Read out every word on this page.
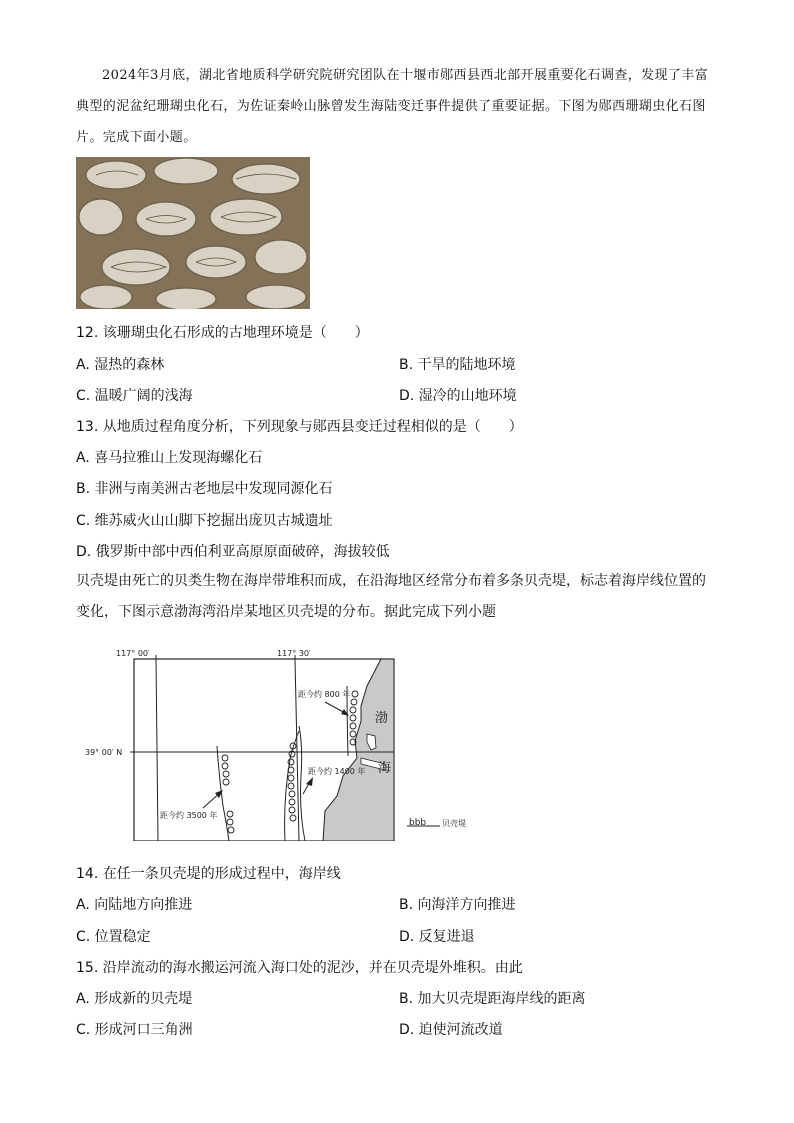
2024年3月底，湖北省地质科学研究院研究团队在十堰市郧西县西北部开展重要化石调查，发现了丰富典型的泥盆纪珊瑚虫化石，为佐证秦岭山脉曾发生海陆变迁事件提供了重要证据。下图为郧西珊瑚虫化石图片。完成下面小题。
12. 该珊瑚虫化石形成的古地理环境是（　　）
A. 湿热的森林	B. 干旱的陆地环境
C. 温暖广阔的浅海	D. 湿冷的山地环境
13. 从地质过程角度分析，下列现象与郧西县变迁过程相似的是（　　）
A. 喜马拉雅山上发现海螺化石
B. 非洲与南美洲古老地层中发现同源化石
C. 维苏威火山山脚下挖掘出庞贝古城遗址
D. 俄罗斯中部中西伯利亚高原原面破碎，海拔较低
贝壳堤由死亡的贝类生物在海岸带堆积而成，在沿海地区经常分布着多条贝壳堤，标志着海岸线位置的变化，下图示意渤海湾沿岸某地区贝壳堤的分布。据此完成下列小题
117° 00′	117° 30′
39° 00′ N
距今约 800 年
距今约 1400 年
距今约 3500 年
渤
海
bbb 贝壳堤
14. 在任一条贝壳堤的形成过程中，海岸线
A. 向陆地方向推进	B. 向海洋方向推进
C. 位置稳定	D. 反复进退
15. 沿岸流动的海水搬运河流入海口处的泥沙，并在贝壳堤外堆积。由此
A. 形成新的贝壳堤	B. 加大贝壳堤距海岸线的距离
C. 形成河口三角洲	D. 迫使河流改道
